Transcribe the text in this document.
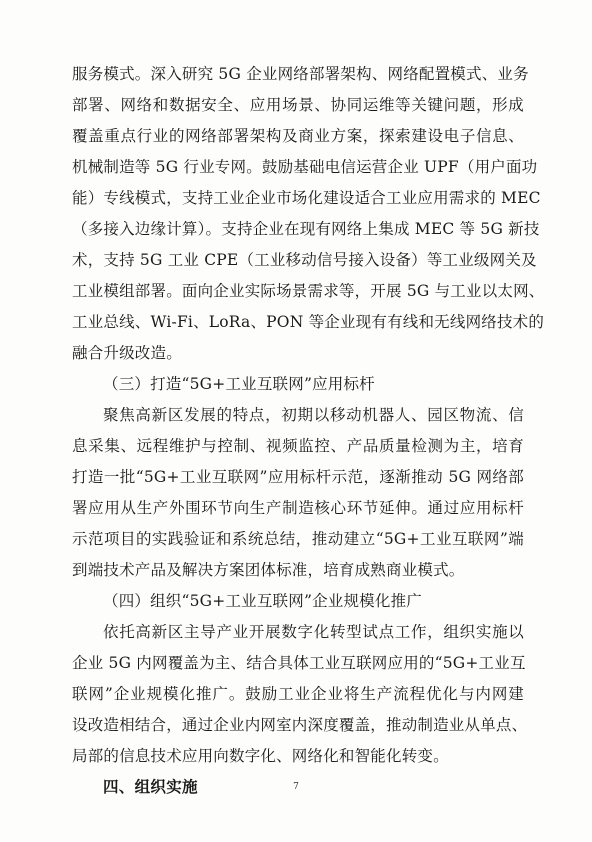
服务模式。深入研究 5G 企业网络部署架构、网络配置模式、业务
部署、网络和数据安全、应用场景、协同运维等关键问题，形成
覆盖重点行业的网络部署架构及商业方案，探索建设电子信息、
机械制造等 5G 行业专网。鼓励基础电信运营企业 UPF（用户面功
能）专线模式，支持工业企业市场化建设适合工业应用需求的 MEC
（多接入边缘计算）。支持企业在现有网络上集成 MEC 等 5G 新技
术，支持 5G 工业 CPE（工业移动信号接入设备）等工业级网关及
工业模组部署。面向企业实际场景需求等，开展 5G 与工业以太网、
工业总线、Wi-Fi、LoRa、PON 等企业现有有线和无线网络技术的
融合升级改造。
（三）打造“5G+工业互联网”应用标杆
聚焦高新区发展的特点，初期以移动机器人、园区物流、信
息采集、远程维护与控制、视频监控、产品质量检测为主，培育
打造一批“5G+工业互联网”应用标杆示范，逐渐推动 5G 网络部
署应用从生产外围环节向生产制造核心环节延伸。通过应用标杆
示范项目的实践验证和系统总结，推动建立“5G+工业互联网”端
到端技术产品及解决方案团体标准，培育成熟商业模式。
（四）组织“5G+工业互联网”企业规模化推广
依托高新区主导产业开展数字化转型试点工作，组织实施以
企业 5G 内网覆盖为主、结合具体工业互联网应用的“5G+工业互
联网”企业规模化推广。鼓励工业企业将生产流程优化与内网建
设改造相结合，通过企业内网室内深度覆盖，推动制造业从单点、
局部的信息技术应用向数字化、网络化和智能化转变。
四、组织实施	7
